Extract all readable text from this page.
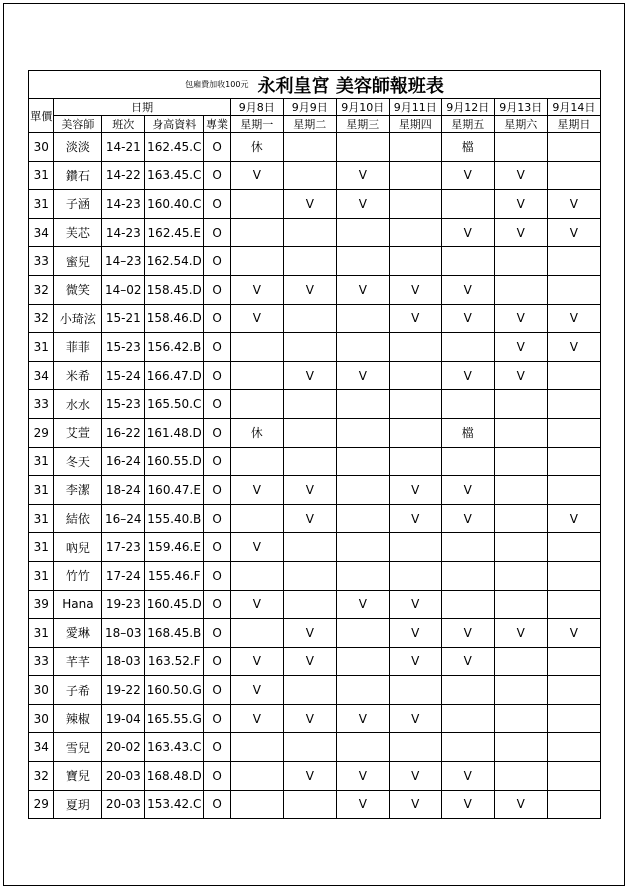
包廂費加收100元 永利皇宮 美容師報班表											
單價	日期				9月8日	9月9日	9月10日	9月11日	9月12日	9月13日	9月14日
	美容師	班次	身高資料	專業	星期一	星期二	星期三	星期四	星期五	星期六	星期日
30	淡淡	14-21	162.45.C	O	休				檔		
31	鑽石	14-22	163.45.C	O	V		V		V	V	
31	子涵	14-23	160.40.C	O		V	V			V	V
34	芙芯	14-23	162.45.E	O					V	V	V
33	蜜兒	14–23	162.54.D	O							
32	微笑	14–02	158.45.D	O	V	V	V	V	V		
32	小琦泫	15-21	158.46.D	O	V			V	V	V	V
31	菲菲	15-23	156.42.B	O						V	V
34	米希	15-24	166.47.D	O		V	V		V	V	
33	水水	15-23	165.50.C	O							
29	艾萱	16-22	161.48.D	O	休				檔		
31	冬天	16-24	160.55.D	O							
31	李潔	18-24	160.47.E	O	V	V		V	V		
31	結依	16–24	155.40.B	O		V		V	V		V
31	吶兒	17-23	159.46.E	O	V						
31	竹竹	17-24	155.46.F	O							
39	Hana	19-23	160.45.D	O	V		V	V			
31	愛琳	18–03	168.45.B	O		V		V	V	V	V
33	芊芊	18-03	163.52.F	O	V	V		V	V		
30	子希	19-22	160.50.G	O	V						
30	辣椒	19-04	165.55.G	O	V	V	V	V			
34	雪兒	20-02	163.43.C	O							
32	寶兒	20-03	168.48.D	O		V	V	V	V		
29	夏玥	20-03	153.42.C	O			V	V	V	V	
